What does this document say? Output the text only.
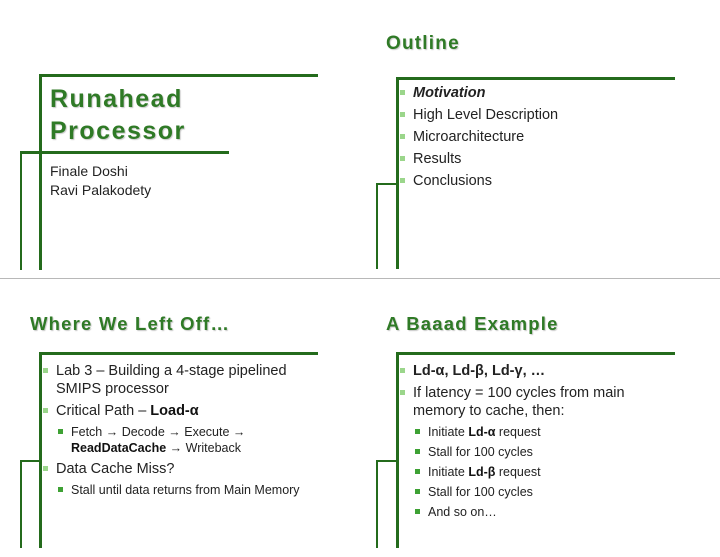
Runahead
Processor
Finale Doshi
Ravi Palakodety
Outline
Motivation
High Level Description
Microarchitecture
Results
Conclusions
Where We Left Off…
Lab 3 – Building a 4-stage pipelined
SMIPS processor
Critical Path – Load-α
Fetch → Decode → Execute →
ReadDataCache → Writeback
Data Cache Miss?
Stall until data returns from Main Memory
A Baaad Example
Ld-α, Ld-β, Ld-γ, …
If latency = 100 cycles from main
memory to cache, then:
Initiate Ld-α request
Stall for 100 cycles
Initiate Ld-β request
Stall for 100 cycles
And so on…
